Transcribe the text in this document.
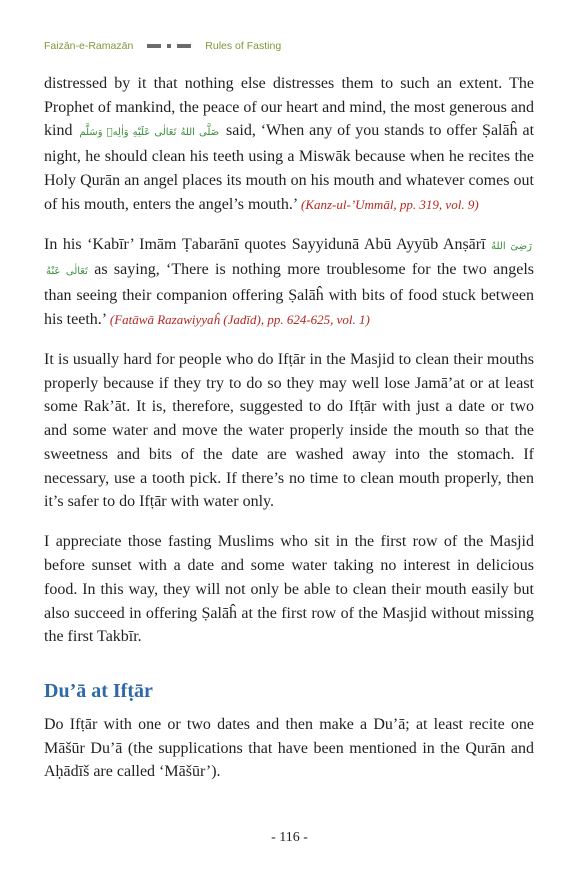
Faizān-e-Ramazān	Rules of Fasting

distressed by it that nothing else distresses them to such an extent. The Prophet of mankind, the peace of our heart and mind, the most generous and kind صَلَّى اللهُ تَعَالٰى عَلَيْهِ وَاٰلِهٖ وَسَلَّم said, ‘When any of you stands to offer Ṣalāĥ at night, he should clean his teeth using a Miswāk because when he recites the Holy Qurān an angel places its mouth on his mouth and whatever comes out of his mouth, enters the angel’s mouth.’ (Kanz-ul-’Ummāl, pp. 319, vol. 9)

In his ‘Kabīr’ Imām Ṭabarānī quotes Sayyidunā Abū Ayyūb Anṣārī رَضِیَ اللهُ تَعَالٰی عَنْهُ as saying, ‘There is nothing more troublesome for the two angels than seeing their companion offering Ṣalāĥ with bits of food stuck between his teeth.’ (Fatāwā Razawiyyaĥ (Jadīd), pp. 624-625, vol. 1)

It is usually hard for people who do Ifṭār in the Masjid to clean their mouths properly because if they try to do so they may well lose Jamā’at or at least some Rak’āt. It is, therefore, suggested to do Ifṭār with just a date or two and some water and move the water properly inside the mouth so that the sweetness and bits of the date are washed away into the stomach. If necessary, use a tooth pick. If there’s no time to clean mouth properly, then it’s safer to do Ifṭār with water only.

I appreciate those fasting Muslims who sit in the first row of the Masjid before sunset with a date and some water taking no interest in delicious food. In this way, they will not only be able to clean their mouth easily but also succeed in offering Ṣalāĥ at the first row of the Masjid without missing the first Takbīr.

Du’ā at Ifṭār

Do Ifṭār with one or two dates and then make a Du’ā; at least recite one Māšūr Du’ā (the supplications that have been mentioned in the Qurān and Aḥādīš are called ‘Māšūr’).

- 116 -
